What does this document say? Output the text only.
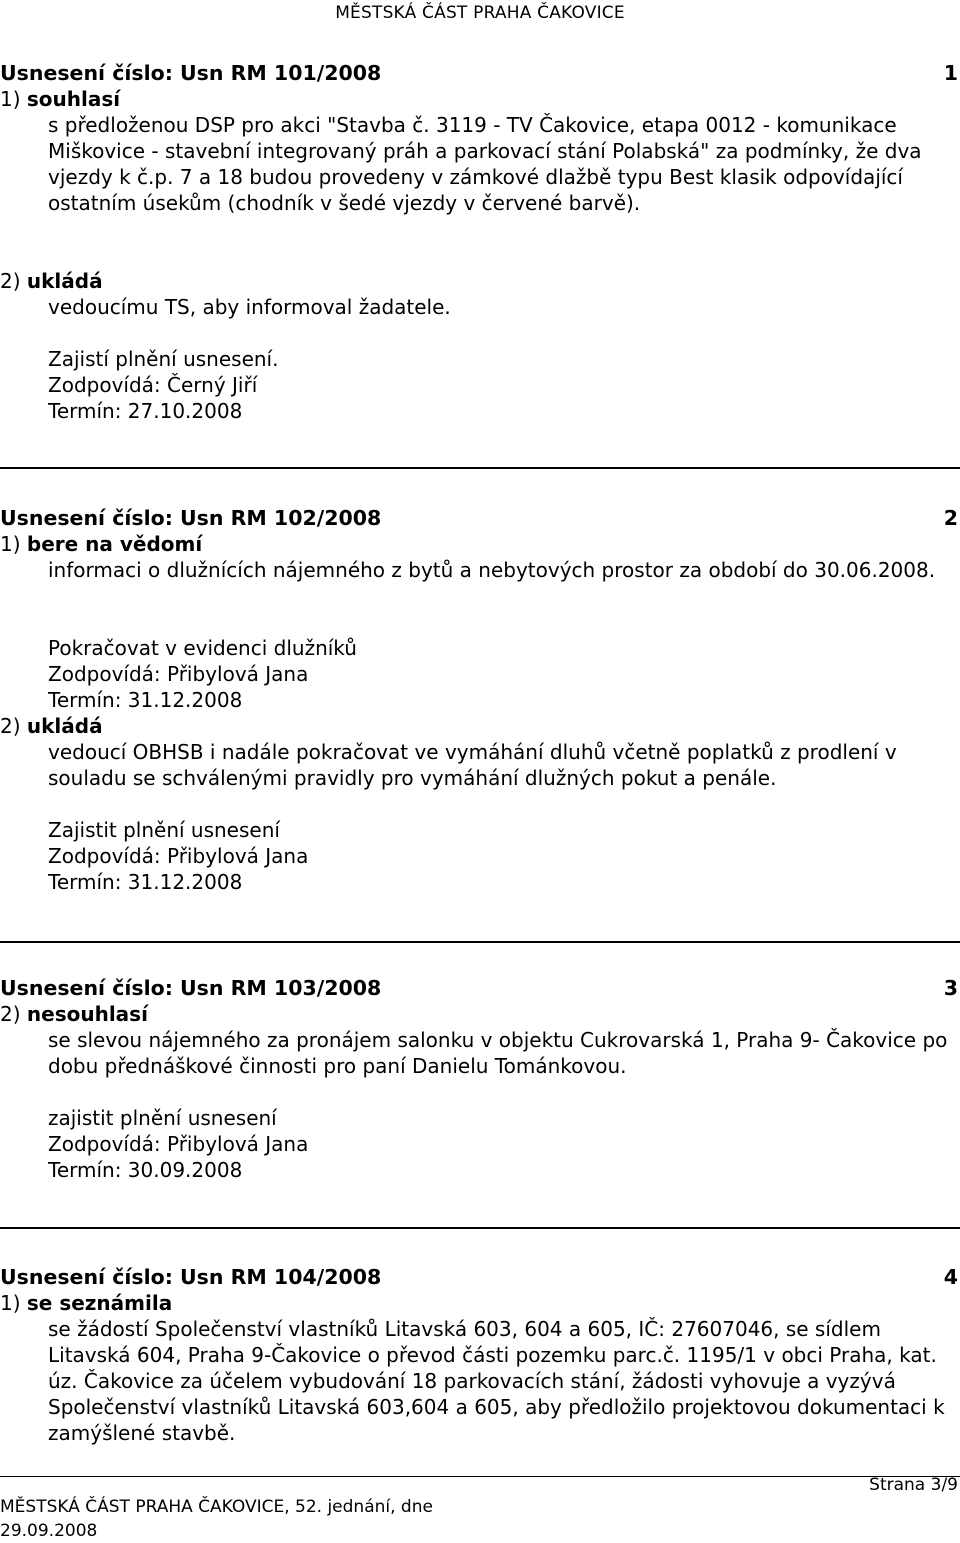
MĚSTSKÁ ČÁST PRAHA ČAKOVICE
Usnesení číslo: Usn RM 101/2008	1
1) souhlasí
s předloženou DSP pro akci "Stavba č. 3119 - TV Čakovice, etapa 0012 - komunikace Miškovice - stavební integrovaný práh a parkovací stání Polabská" za podmínky, že dva vjezdy k č.p. 7 a 18 budou provedeny v zámkové dlažbě typu Best klasik odpovídající ostatním úsekům (chodník v šedé vjezdy v červené barvě).
2) ukládá
vedoucímu TS, aby informoval žadatele.
Zajistí plnění usnesení.
Zodpovídá: Černý Jiří
Termín: 27.10.2008
Usnesení číslo: Usn RM 102/2008	2
1) bere na vědomí
informaci o dlužnících nájemného z bytů a nebytových prostor za období do 30.06.2008.
Pokračovat v evidenci dlužníků
Zodpovídá: Přibylová Jana
Termín: 31.12.2008
2) ukládá
vedoucí OBHSB i nadále pokračovat ve vymáhání dluhů včetně poplatků z prodlení v souladu se schválenými pravidly pro vymáhání dlužných pokut a penále.
Zajistit plnění usnesení
Zodpovídá: Přibylová Jana
Termín: 31.12.2008
Usnesení číslo: Usn RM 103/2008	3
2) nesouhlasí
se slevou nájemného za pronájem salonku v objektu Cukrovarská 1, Praha 9- Čakovice po dobu přednáškové činnosti pro paní Danielu Tománkovou.
zajistit plnění usnesení
Zodpovídá: Přibylová Jana
Termín: 30.09.2008
Usnesení číslo: Usn RM 104/2008	4
1) se seznámila
se žádostí Společenství vlastníků Litavská 603, 604 a 605, IČ: 27607046, se sídlem Litavská 604, Praha 9-Čakovice o převod části pozemku parc.č. 1195/1 v obci Praha, kat. úz. Čakovice za účelem vybudování 18 parkovacích stání, žádosti vyhovuje a vyzývá Společenství vlastníků Litavská 603,604 a 605, aby předložilo projektovou dokumentaci k zamýšlené stavbě.
MĚSTSKÁ ČÁST PRAHA ČAKOVICE, 52. jednání, dne 29.09.2008
Strana 3/9
